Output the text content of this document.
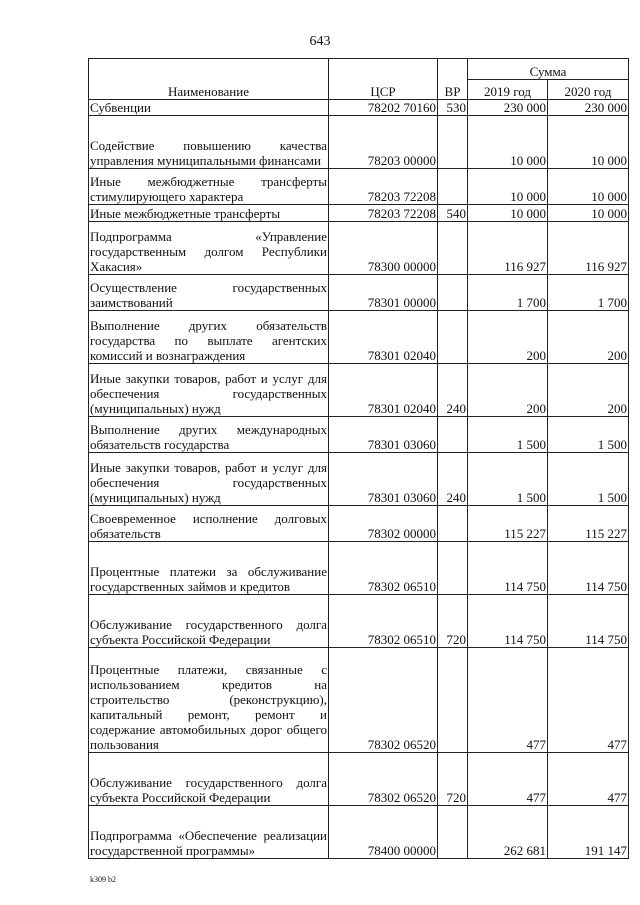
643
Наименование	ЦСР	ВР	Сумма	
			2019 год	2020 год
Субвенции	78202 70160	530	230 000	230 000
Содействие повышению качества управления муниципальными финансами	78203 00000		10 000	10 000
Иные межбюджетные трансферты стимулирующего характера	78203 72208		10 000	10 000
Иные межбюджетные трансферты	78203 72208	540	10 000	10 000
Подпрограмма «Управление государственным долгом Республики Хакасия»	78300 00000		116 927	116 927
Осуществление государственных заимствований	78301 00000		1 700	1 700
Выполнение других обязательств государства по выплате агентских комиссий и вознаграждения	78301 02040		200	200
Иные закупки товаров, работ и услуг для обеспечения государственных (муниципальных) нужд	78301 02040	240	200	200
Выполнение других международных обязательств государства	78301 03060		1 500	1 500
Иные закупки товаров, работ и услуг для обеспечения государственных (муниципальных) нужд	78301 03060	240	1 500	1 500
Своевременное исполнение долговых обязательств	78302 00000		115 227	115 227
Процентные платежи за обслуживание государственных займов и кредитов	78302 06510		114 750	114 750
Обслуживание государственного долга субъекта Российской Федерации	78302 06510	720	114 750	114 750
Процентные платежи, связанные с использованием кредитов на строительство (реконструкцию), капитальный ремонт, ремонт и содержание автомобильных дорог общего пользования	78302 06520		477	477
Обслуживание государственного долга субъекта Российской Федерации	78302 06520	720	477	477
Подпрограмма «Обеспечение реализации государственной программы»	78400 00000		262 681	191 147
k309 b2
